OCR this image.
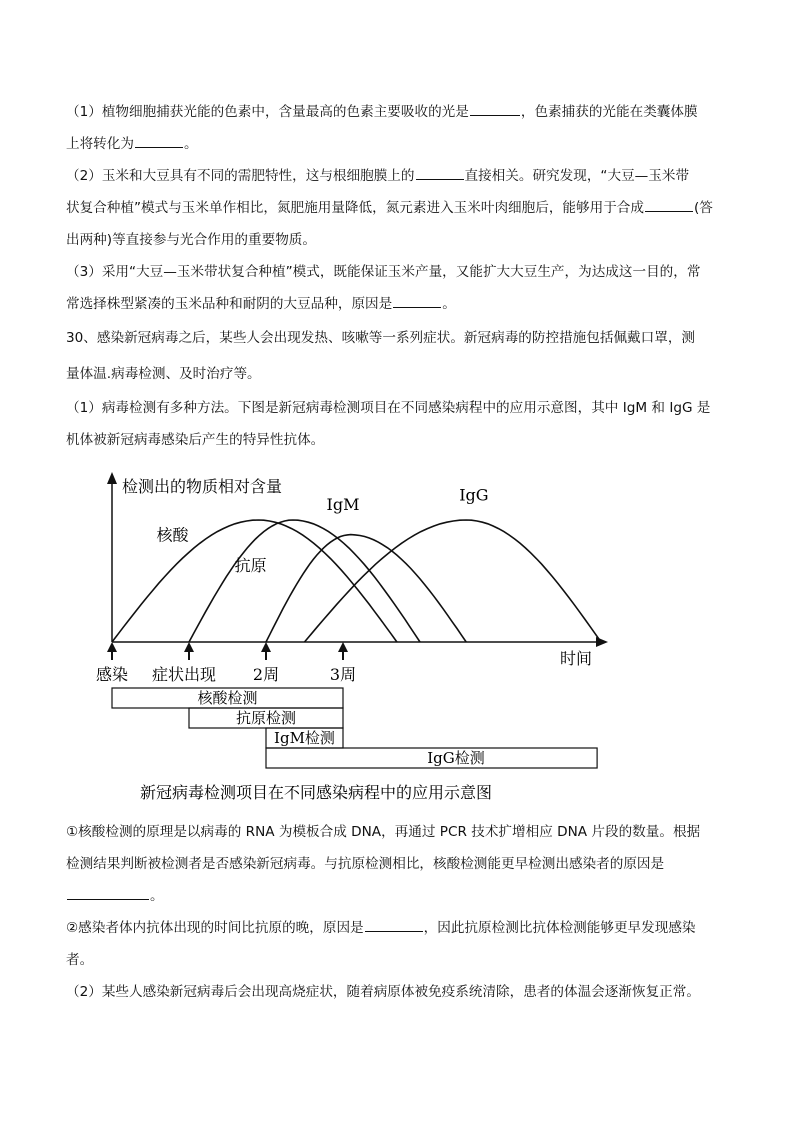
（1）植物细胞捕获光能的色素中，含量最高的色素主要吸收的光是	，色素捕获的光能在类囊体膜
上将转化为	。
（2）玉米和大豆具有不同的需肥特性，这与根细胞膜上的	直接相关。研究发现，“大豆—玉米带
状复合种植”模式与玉米单作相比，氮肥施用量降低，氮元素进入玉米叶肉细胞后，能够用于合成	(答
出两种)等直接参与光合作用的重要物质。
（3）采用“大豆—玉米带状复合种植”模式，既能保证玉米产量，又能扩大大豆生产，为达成这一目的，常
常选择株型紧凑的玉米品种和耐阴的大豆品种，原因是	。
30、感染新冠病毒之后，某些人会出现发热、咳嗽等一系列症状。新冠病毒的防控措施包括佩戴口罩，测
量体温.病毒检测、及时治疗等。
（1）病毒检测有多种方法。下图是新冠病毒检测项目在不同感染病程中的应用示意图，其中 IgM 和 IgG 是
机体被新冠病毒感染后产生的特异性抗体。
检测出的物质相对含量
时间
核酸
抗原
IgM
IgG
感染 症状出现 2周	3周
核酸检测
抗原检测
IgM检测
IgG检测
新冠病毒检测项目在不同感染病程中的应用示意图
①核酸检测的原理是以病毒的 RNA 为模板合成 DNA，再通过 PCR 技术扩增相应 DNA 片段的数量。根据
检测结果判断被检测者是否感染新冠病毒。与抗原检测相比，核酸检测能更早检测出感染者的原因是
。
②感染者体内抗体出现的时间比抗原的晚，原因是	，因此抗原检测比抗体检测能够更早发现感染
者。
（2）某些人感染新冠病毒后会出现高烧症状，随着病原体被免疫系统清除，患者的体温会逐渐恢复正常。
